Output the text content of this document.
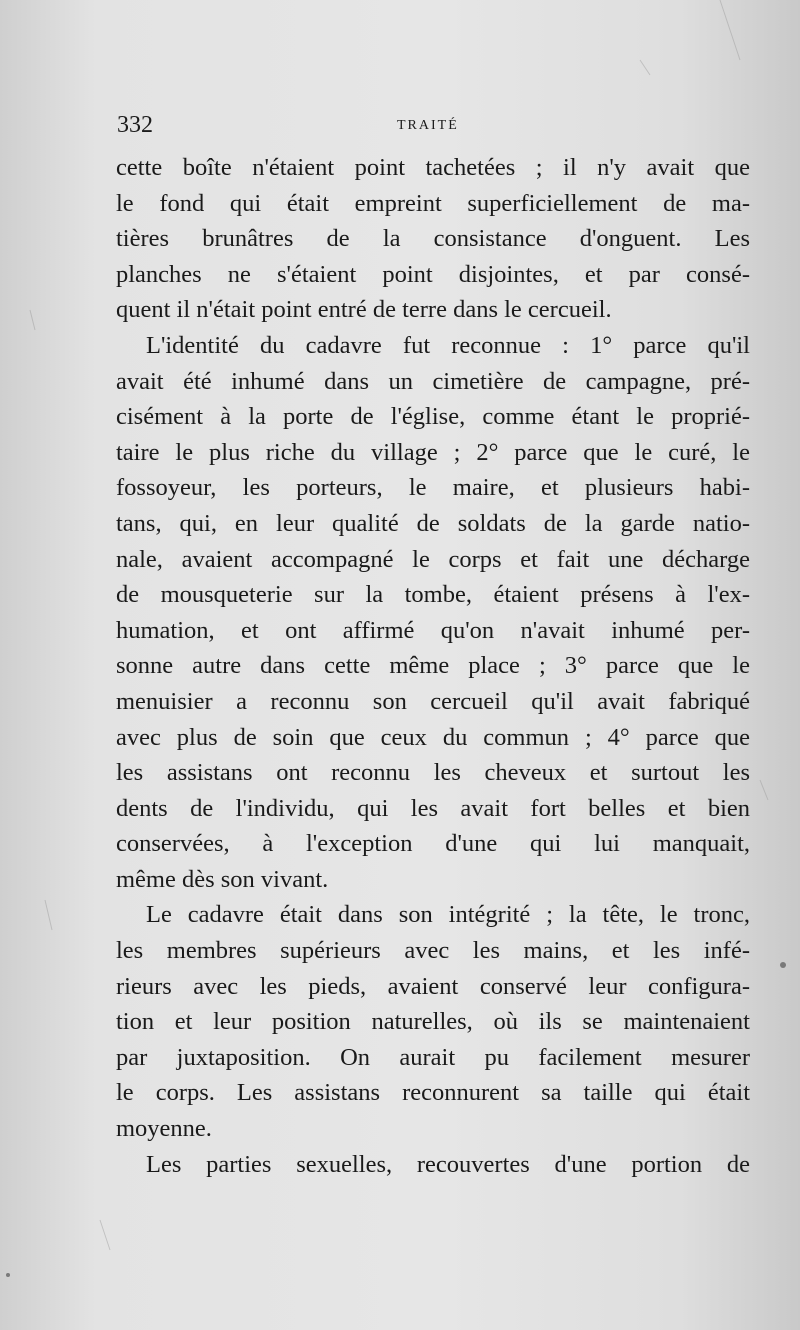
332	TRAITÉ
cette boîte n'étaient point tachetées ; il n'y avait que
le fond qui était empreint superficiellement de ma-
tières brunâtres de la consistance d'onguent. Les
planches ne s'étaient point disjointes, et par consé-
quent il n'était point entré de terre dans le cercueil.
L'identité du cadavre fut reconnue : 1° parce qu'il
avait été inhumé dans un cimetière de campagne, pré-
cisément à la porte de l'église, comme étant le proprié-
taire le plus riche du village ; 2° parce que le curé, le
fossoyeur, les porteurs, le maire, et plusieurs habi-
tans, qui, en leur qualité de soldats de la garde natio-
nale, avaient accompagné le corps et fait une décharge
de mousqueterie sur la tombe, étaient présens à l'ex-
humation, et ont affirmé qu'on n'avait inhumé per-
sonne autre dans cette même place ; 3° parce que le
menuisier a reconnu son cercueil qu'il avait fabriqué
avec plus de soin que ceux du commun ; 4° parce que
les assistans ont reconnu les cheveux et surtout les
dents de l'individu, qui les avait fort belles et bien
conservées, à l'exception d'une qui lui manquait,
même dès son vivant.
Le cadavre était dans son intégrité ; la tête, le tronc,
les membres supérieurs avec les mains, et les infé-
rieurs avec les pieds, avaient conservé leur configura-
tion et leur position naturelles, où ils se maintenaient
par juxtaposition. On aurait pu facilement mesurer
le corps. Les assistans reconnurent sa taille qui était
moyenne.
Les parties sexuelles, recouvertes d'une portion de
